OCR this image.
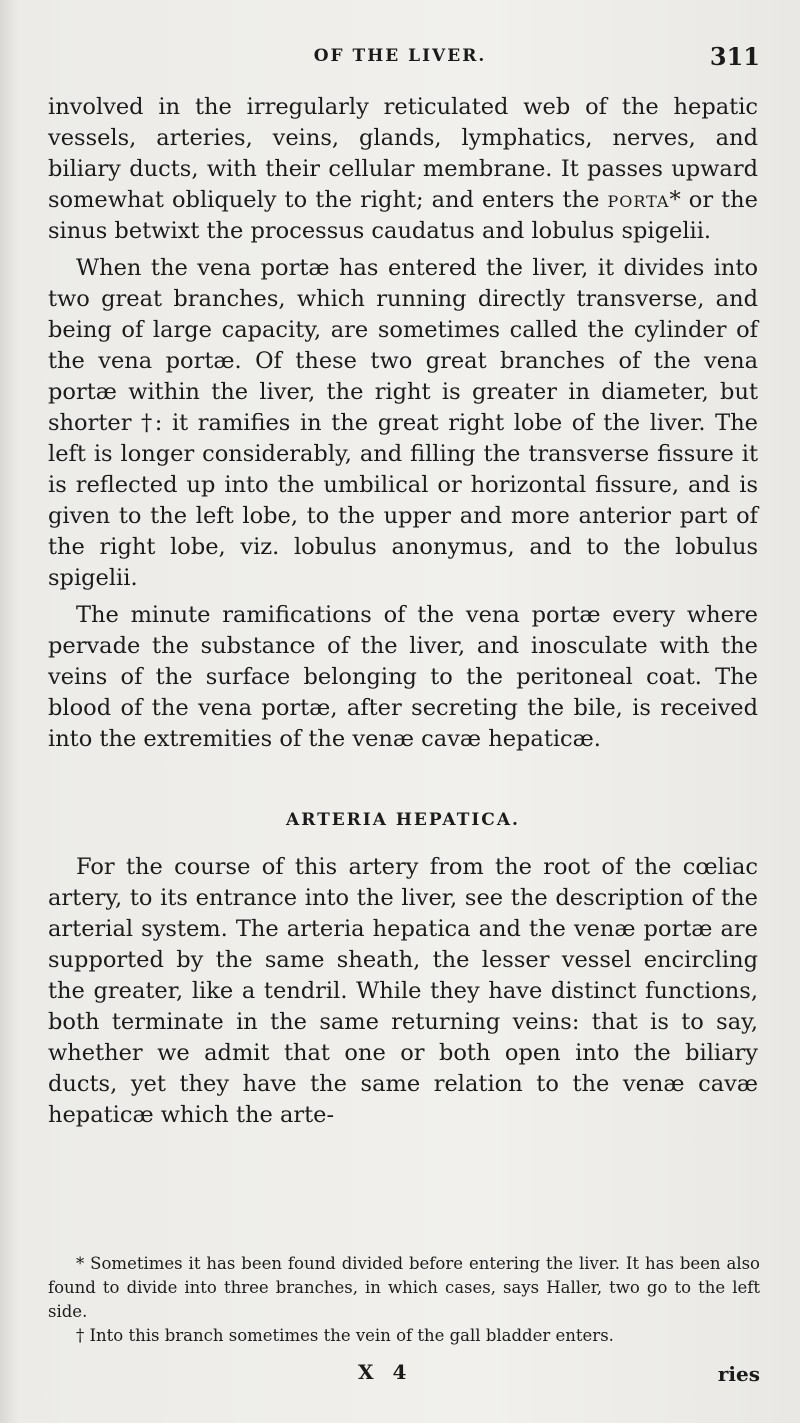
OF THE LIVER.	311

involved in the irregularly reticulated web of the hepatic vessels, arteries, veins, glands, lymphatics, nerves, and biliary ducts, with their cellular membrane. It passes upward somewhat obliquely to the right; and enters the porta* or the sinus betwixt the processus caudatus and lobulus spigelii.

When the vena portæ has entered the liver, it divides into two great branches, which running directly transverse, and being of large capacity, are sometimes called the cylinder of the vena portæ. Of these two great branches of the vena portæ within the liver, the right is greater in diameter, but shorter †: it ramifies in the great right lobe of the liver. The left is longer considerably, and filling the transverse fissure it is reflected up into the umbilical or horizontal fissure, and is given to the left lobe, to the upper and more anterior part of the right lobe, viz. lobulus anonymus, and to the lobulus spigelii.

The minute ramifications of the vena portæ every where pervade the substance of the liver, and inosculate with the veins of the surface belonging to the peritoneal coat. The blood of the vena portæ, after secreting the bile, is received into the extremities of the venæ cavæ hepaticæ.

ARTERIA HEPATICA.

For the course of this artery from the root of the cœliac artery, to its entrance into the liver, see the description of the arterial system. The arteria hepatica and the venæ portæ are supported by the same sheath, the lesser vessel encircling the greater, like a tendril. While they have distinct functions, both terminate in the same returning veins: that is to say, whether we admit that one or both open into the biliary ducts, yet they have the same relation to the venæ cavæ hepaticæ which the arte-

* Sometimes it has been found divided before entering the liver. It has been also found to divide into three branches, in which cases, says Haller, two go to the left side.

† Into this branch sometimes the vein of the gall bladder enters.

X 4	ries
